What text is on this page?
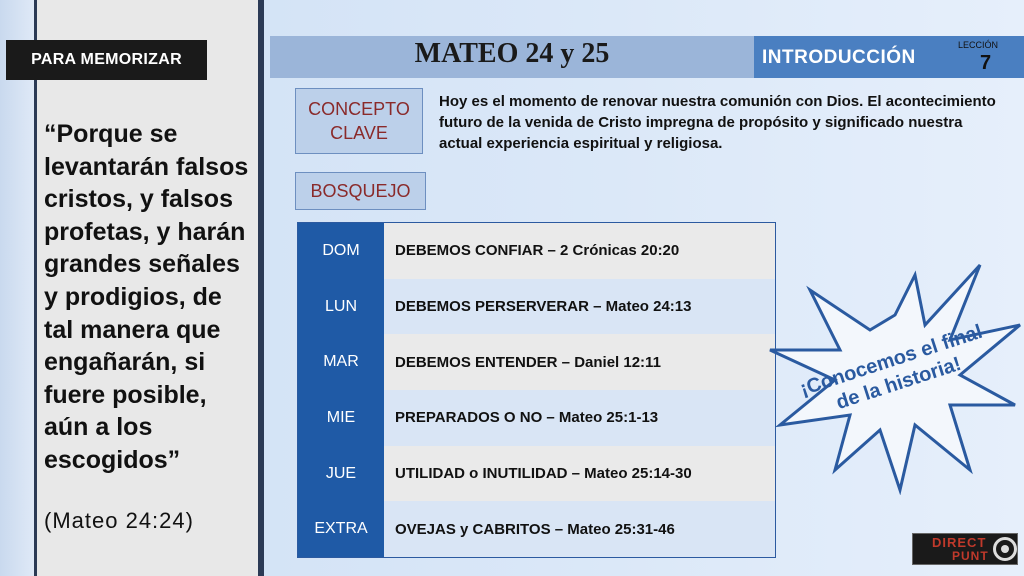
PARA MEMORIZAR
“Porque se levantarán falsos cristos, y falsos profetas, y harán grandes señales y prodigios, de tal manera que engañarán, si fuere posible, aún a los escogidos”
(Mateo 24:24)
MATEO 24 y 25	INTRODUCCIÓN
LECCIÓN
7
CONCEPTO
CLAVE
Hoy es el momento de renovar nuestra comunión con Dios. El acontecimiento futuro de la venida de Cristo impregna de propósito y significado nuestra actual experiencia espiritual y religiosa.
BOSQUEJO
DOM
LUN
MAR
MIE
JUE
EXTRA
DEBEMOS CONFIAR – 2 Crónicas 20:20
DEBEMOS PERSERVERAR – Mateo 24:13
DEBEMOS ENTENDER – Daniel 12:11
PREPARADOS O NO – Mateo 25:1-13
UTILIDAD o INUTILIDAD – Mateo 25:14-30
OVEJAS y CABRITOS – Mateo 25:31-46
¡Conocemos el final de la historia!
DIRECT
PUNT
